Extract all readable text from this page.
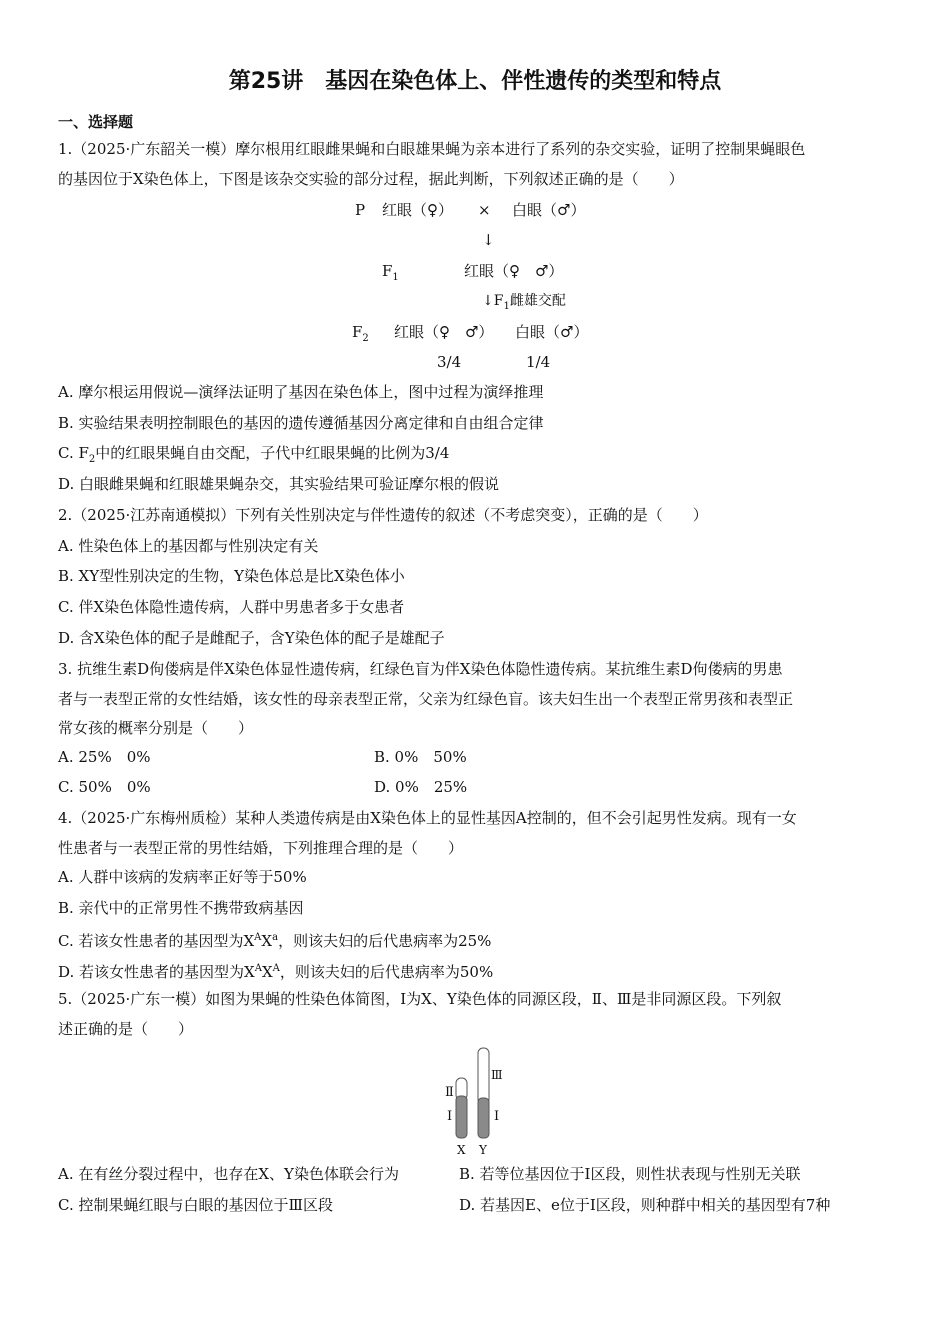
第25讲　基因在染色体上、伴性遗传的类型和特点
一、选择题
1.（2025·广东韶关一模）摩尔根用红眼雌果蝇和白眼雄果蝇为亲本进行了系列的杂交实验，证明了控制果蝇眼色
的基因位于X染色体上，下图是该杂交实验的部分过程，据此判断，下列叙述正确的是（　　）
P 红眼（♀） × 白眼（♂）
↓
$F_1$	红眼（♀　♂）
$↓F_1$雌雄交配
$F_2$ 红眼（♀　♂） 白眼（♂）
3/4	1/4
A. 摩尔根运用假说—演绎法证明了基因在染色体上，图中过程为演绎推理
B. 实验结果表明控制眼色的基因的遗传遵循基因分离定律和自由组合定律
C. $F_2$中的红眼果蝇自由交配，子代中红眼果蝇的比例为3/4
D. 白眼雌果蝇和红眼雄果蝇杂交，其实验结果可验证摩尔根的假说
2.（2025·江苏南通模拟）下列有关性别决定与伴性遗传的叙述（不考虑突变），正确的是（　　）
A. 性染色体上的基因都与性别决定有关
B. XY型性别决定的生物，Y染色体总是比X染色体小
C. 伴X染色体隐性遗传病，人群中男患者多于女患者
D. 含X染色体的配子是雌配子，含Y染色体的配子是雄配子
3. 抗维生素D佝偻病是伴X染色体显性遗传病，红绿色盲为伴X染色体隐性遗传病。某抗维生素D佝偻病的男患
者与一表型正常的女性结婚，该女性的母亲表型正常，父亲为红绿色盲。该夫妇生出一个表型正常男孩和表型正
常女孩的概率分别是（　　）
A. 25%　0%	B. 0%　50%
C. 50%　0%	D. 0%　25%
4.（2025·广东梅州质检）某种人类遗传病是由X染色体上的显性基因A控制的，但不会引起男性发病。现有一女
性患者与一表型正常的男性结婚，下列推理合理的是（　　）
A. 人群中该病的发病率正好等于50%
B. 亲代中的正常男性不携带致病基因
C. 若该女性患者的基因型为$X^AX^a$，则该夫妇的后代患病率为25%
D. 若该女性患者的基因型为$X^AX^A$，则该夫妇的后代患病率为50%
5.（2025·广东一模）如图为果蝇的性染色体简图，Ⅰ为X、Y染色体的同源区段，Ⅱ、Ⅲ是非同源区段。下列叙
述正确的是（　　）
Ⅱ
Ⅰ
Ⅲ
Ⅰ
X Y
A. 在有丝分裂过程中，也存在X、Y染色体联会行为	B. 若等位基因位于Ⅰ区段，则性状表现与性别无关联
C. 控制果蝇红眼与白眼的基因位于Ⅲ区段	D. 若基因E、e位于Ⅰ区段，则种群中相关的基因型有7种
